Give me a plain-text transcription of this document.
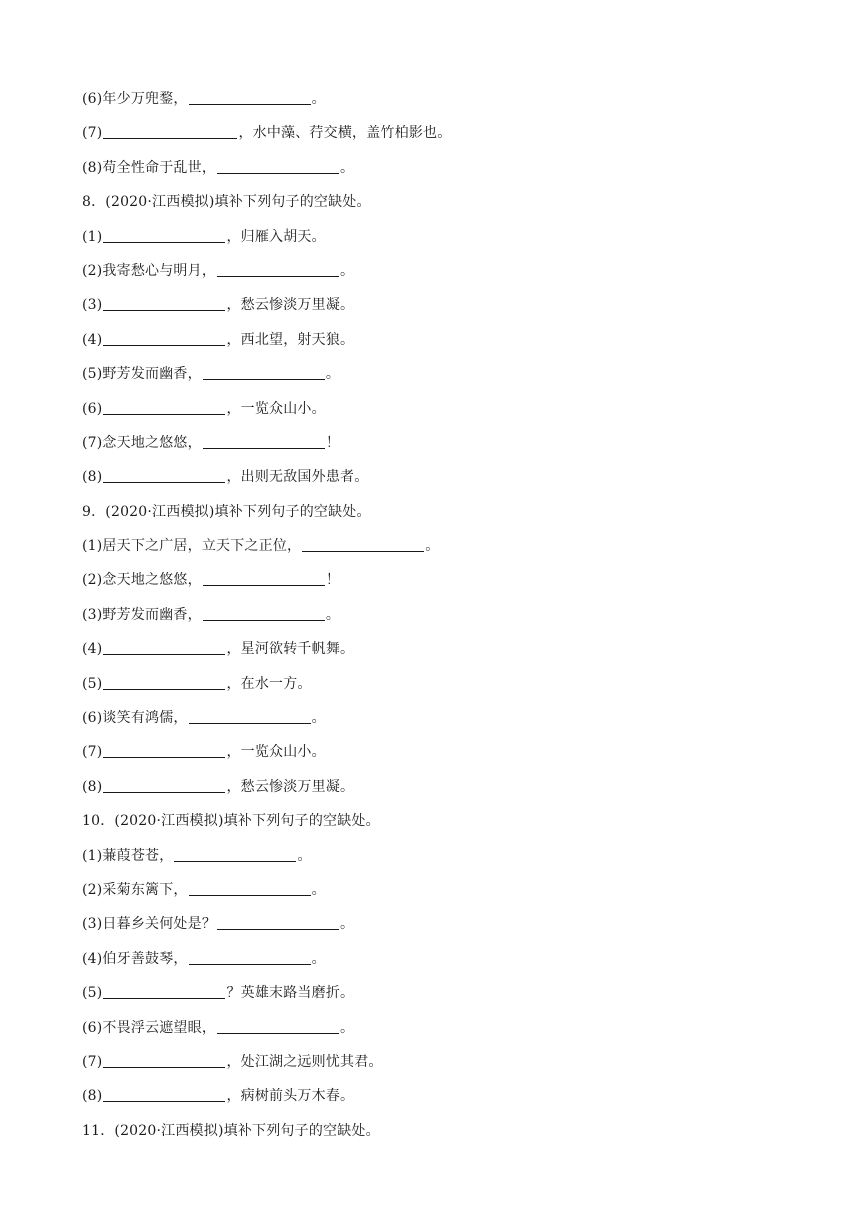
(6)年少万兜鍪，	。
(7)	，水中藻、荇交横，盖竹柏影也。
(8)苟全性命于乱世，	。
8．(2020·江西模拟)填补下列句子的空缺处。
(1)	，归雁入胡天。
(2)我寄愁心与明月，	。
(3)	，愁云惨淡万里凝。
(4)	，西北望，射天狼。
(5)野芳发而幽香，	。
(6)	，一览众山小。
(7)念天地之悠悠，	！
(8)	，出则无敌国外患者。
9．(2020·江西模拟)填补下列句子的空缺处。
(1)居天下之广居，立天下之正位，	。
(2)念天地之悠悠，	！
(3)野芳发而幽香，	。
(4)	，星河欲转千帆舞。
(5)	，在水一方。
(6)谈笑有鸿儒，	。
(7)	，一览众山小。
(8)	，愁云惨淡万里凝。
10．(2020·江西模拟)填补下列句子的空缺处。
(1)蒹葭苍苍，	。
(2)采菊东篱下，	。
(3)日暮乡关何处是？	。
(4)伯牙善鼓琴，	。
(5)	？英雄末路当磨折。
(6)不畏浮云遮望眼，	。
(7)	，处江湖之远则忧其君。
(8)	，病树前头万木春。
11．(2020·江西模拟)填补下列句子的空缺处。
